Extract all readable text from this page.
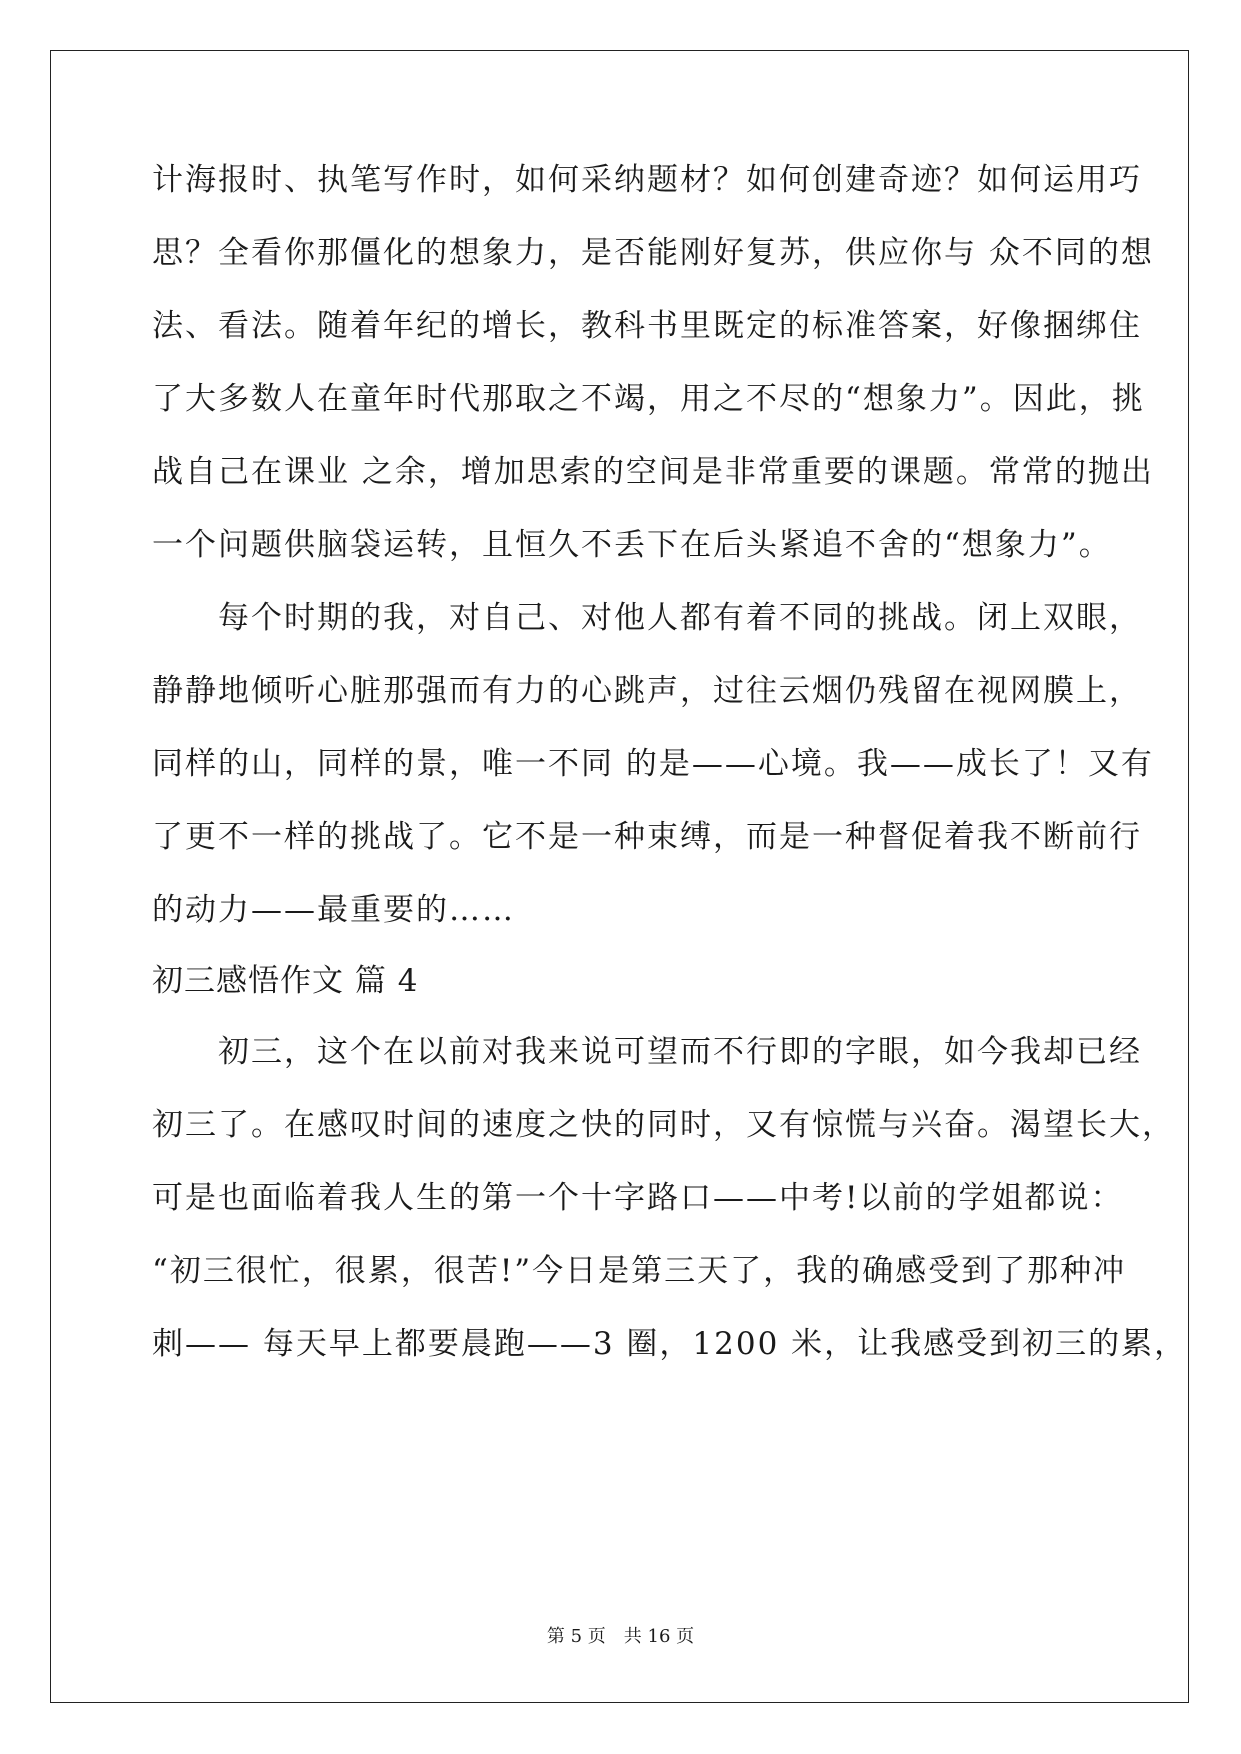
计海报时、执笔写作时，如何采纳题材？如何创建奇迹？如何运用巧
思？全看你那僵化的想象力，是否能刚好复苏，供应你与 众不同的想
法、看法。随着年纪的增长，教科书里既定的标准答案，好像捆绑住
了大多数人在童年时代那取之不竭，用之不尽的“想象力”。因此，挑
战自己在课业 之余，增加思索的空间是非常重要的课题。常常的抛出
一个问题供脑袋运转，且恒久不丢下在后头紧追不舍的“想象力”。
　　每个时期的我，对自己、对他人都有着不同的挑战。闭上双眼，
静静地倾听心脏那强而有力的心跳声，过往云烟仍残留在视网膜上，
同样的山，同样的景，唯一不同 的是——心境。我——成长了！又有
了更不一样的挑战了。它不是一种束缚，而是一种督促着我不断前行
的动力——最重要的……
初三感悟作文 篇 4
　　初三，这个在以前对我来说可望而不行即的字眼，如今我却已经
初三了。在感叹时间的速度之快的同时，又有惊慌与兴奋。渴望长大，
可是也面临着我人生的第一个十字路口——中考!以前的学姐都说：
“初三很忙，很累，很苦!”今日是第三天了，我的确感受到了那种冲
刺—— 每天早上都要晨跑——3 圈，1200 米，让我感受到初三的累，
第 5 页　共 16 页
